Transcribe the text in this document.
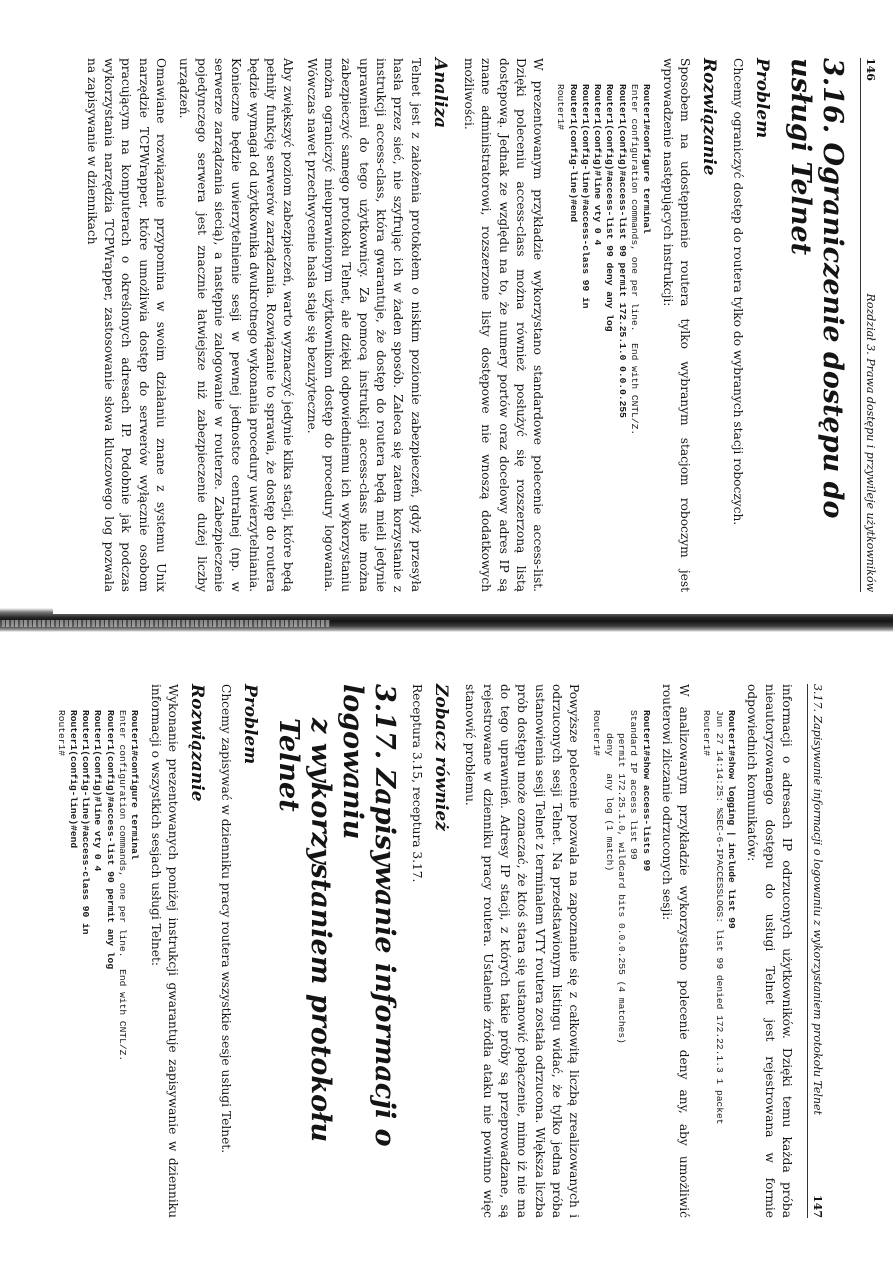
146
Rozdział 3. Prawa dostępu i przywileje użytkowników
3.16. Ograniczenie dostępu do usługi Telnet
Problem

Chcemy ograniczyć dostęp do routera tylko do wybranych stacji roboczych.

Rozwiązanie

Sposobem na udostępnienie routera tylko wybranym stacjom roboczym jest wprowadzenie następujących instrukcji:

Router1#configure terminal
Enter configuration commands, one per line.  End with CNTL/Z.
Router1(config)#access-list 99 permit 172.25.1.0 0.0.0.255
Router1(config)#access-list 99 deny any log
Router1(config)#line vty 0 4
Router1(config-line)#access-class 99 in
Router1(config-line)#end
Router1#

W prezentowanym przykładzie wykorzystano standardowe polecenie access-list. Dzięki poleceniu access-class można również posłużyć się rozszerzoną listą dostępową. Jednak ze względu na to, że numery portów oraz docelowy adres IP są znane administratorowi, rozszerzone listy dostępowe nie wnoszą dodatkowych możliwości.

Analiza

Telnet jest z założenia protokołem o niskim poziomie zabezpieczeń, gdyż przesyła hasła przez sieć, nie szyfrując ich w żaden sposób. Zaleca się zatem korzystanie z instrukcji access-class, która gwarantuje, że dostęp do routera będą mieli jedynie uprawnieni do tego użytkownicy. Za pomocą instrukcji access-class nie można zabezpieczyć samego protokołu Telnet, ale dzięki odpowiedniemu ich wykorzystaniu można ograniczyć nieuprawnionym użytkownikom dostęp do procedury logowania. Wówczas nawet przechwycenie hasła staje się bezużyteczne.

Aby zwiększyć poziom zabezpieczeń, warto wyznaczyć jedynie kilka stacji, które będą pełniły funkcję serwerów zarządzania. Rozwiązanie to sprawia, że dostęp do routera będzie wymagał od użytkownika dwukrotnego wykonania procedury uwierzytelniania. Konieczne będzie uwierzytelnienie sesji w pewnej jednostce centralnej (np. w serwerze zarządzania siecią), a następnie zalogowanie w routerze. Zabezpieczenie pojedynczego serwera jest znacznie łatwiejsze niż zabezpieczenie dużej liczby urządzeń.

Omawiane rozwiązanie przypomina w swoim działaniu znane z systemu Unix narzędzie TCPWrapper, które umożliwia dostęp do serwerów wyłącznie osobom pracującym na komputerach o określonych adresach IP. Podobnie jak podczas wykorzystania narzędzia TCPWrapper, zastosowanie słowa kluczowego log pozwala na zapisywanie w dziennikach

3.17. Zapisywanie informacji o logowaniu z wykorzystaniem protokołu Telnet
147

informacji o adresach IP odrzuconych użytkowników. Dzięki temu każda próba nieautoryzowanego dostępu do usługi Telnet jest rejestrowana w formie odpowiednich komunikatów:

Router1#show logging | include list 99
Jun 27 14:14:25: %SEC-6-IPACCESSLOGS: list 99 denied 172.22.1.3 1 packet
Router1#

W analizowanym przykładzie wykorzystano polecenie deny any, aby umożliwić routerowi zliczanie odrzuconych sesji:

Router1#show access-lists 99
Standard IP access list 99
permit 172.25.1.0, wildcard bits 0.0.0.255 (4 matches)
deny   any log (1 match)
Router1#

Powyższe polecenie pozwala na zapoznanie się z całkowitą liczbą zrealizowanych i odrzuconych sesji Telnet. Na przedstawionym listingu widać, że tylko jedna próba ustanowienia sesji Telnet z terminalem VTY routera została odrzucona. Większa liczba prób dostępu może oznaczać, że ktoś stara się ustanowić połączenie, mimo iż nie ma do tego uprawnień. Adresy IP stacji, z których takie próby są przeprowadzane, są rejestrowane w dzienniku pracy routera. Ustalenie źródła ataku nie powinno więc stanowić problemu.

Zobacz również

Receptura 3.15, receptura 3.17.

3.17. Zapisywanie informacji o logowaniu
z wykorzystaniem protokołu Telnet
Problem

Chcemy zapisywać w dzienniku pracy routera wszystkie sesje usługi Telnet.

Rozwiązanie

Wykonanie prezentowanych poniżej instrukcji gwarantuje zapisywanie w dzienniku informacji o wszystkich sesjach usługi Telnet:

Router1#configure terminal
Enter configuration commands, one per line.  End with CNTL/Z.
Router1(config)#access-list 90 permit any log
Router1(config)#line vty 0 4
Router1(config-line)#access-class 90 in
Router1(config-line)#end
Router1#
